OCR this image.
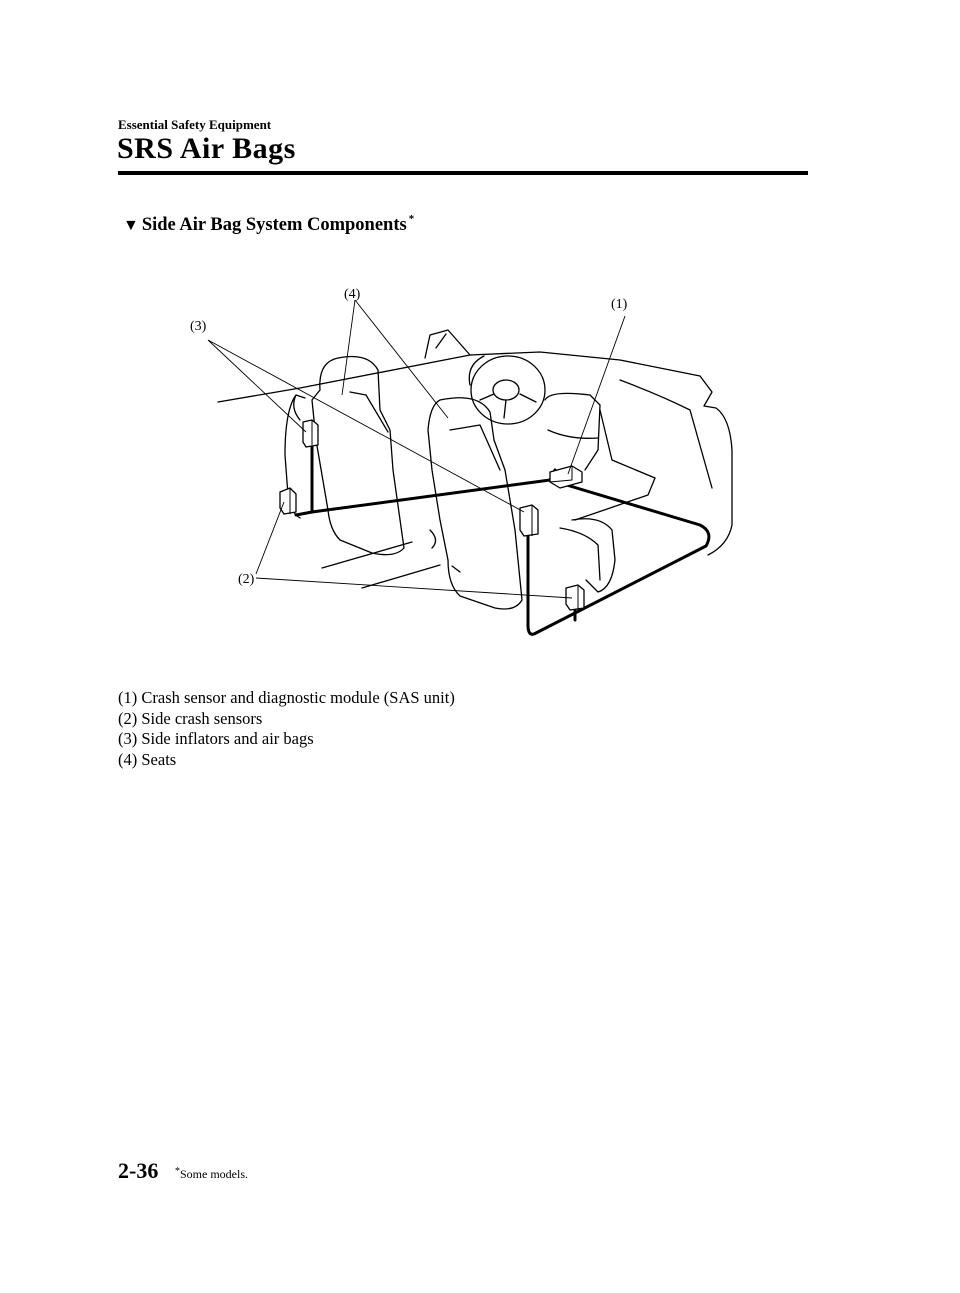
Essential Safety Equipment
SRS Air Bags
▼ Side Air Bag System Components *
(1)
(2)
(3)
(4)
(1) Crash sensor and diagnostic module (SAS unit)
(2) Side crash sensors
(3) Side inflators and air bags
(4) Seats
2-36 *Some models.
